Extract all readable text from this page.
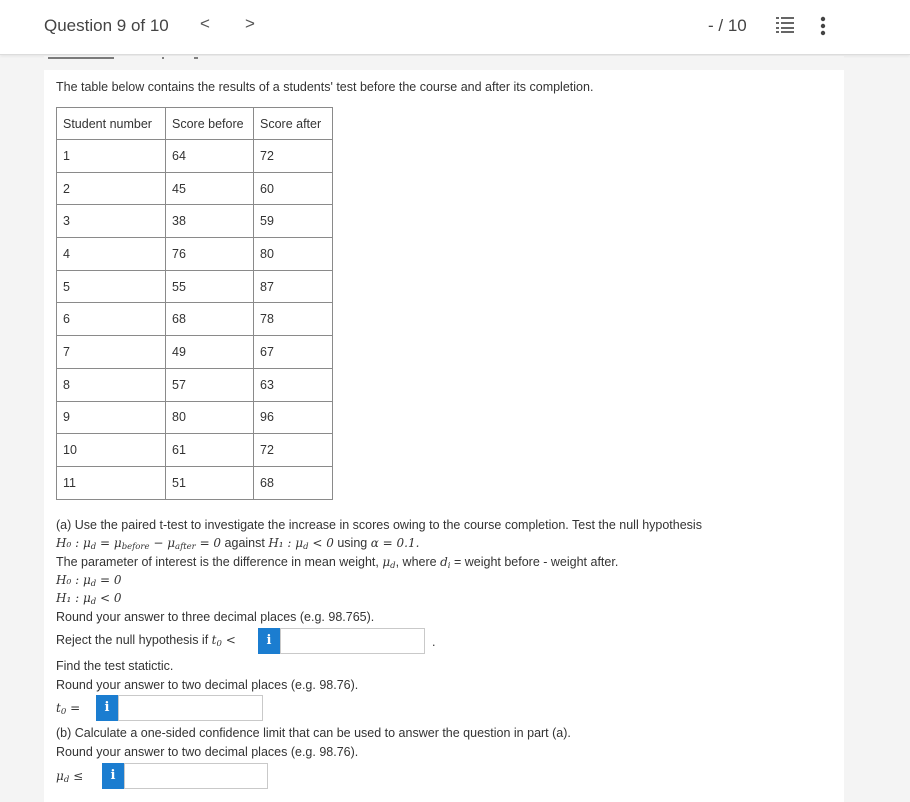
Question 9 of 10 < >	- / 10
The table below contains the results of a students' test before the course and after its completion.
Student number	Score before	Score after
1	64	72
2	45	60
3	38	59
4	76	80
5	55	87
6	68	78
7	49	67
8	57	63
9	80	96
10	61	72
11	51	68
(a) Use the paired t-test to investigate the increase in scores owing to the course completion. Test the null hypothesis
H₀ : $\mu_d = \mu_{before} - \mu_{after} = 0$ against H₁ : $\mu_d < 0$ using α = 0.1.
The parameter of interest is the difference in mean weight, $\mu_d$, where $d_i$ = weight before - weight after.
H₀ : $\mu_d = 0$
H₁ : $\mu_d < 0$
Round your answer to three decimal places (e.g. 98.765).
Reject the null hypothesis if $t_0$ <	i	.
Find the test statictic.
Round your answer to two decimal places (e.g. 98.76).
$t_0$ =	i
(b) Calculate a one-sided confidence limit that can be used to answer the question in part (a).
Round your answer to two decimal places (e.g. 98.76).
$\mu_d$ ≤	i
